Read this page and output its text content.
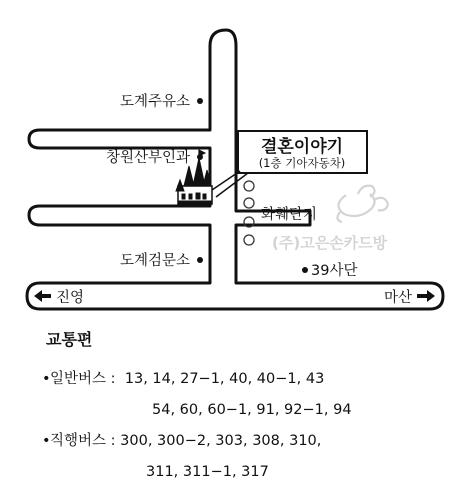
도계주유소
창원산부인과
도계검문소
화훼단지
39사단
(주)고은손카드방
결혼이야기
(1층 기아자동차)
진영	마산
교통편
•일반버스 : 13, 14, 27−1, 40, 40−1, 43
54, 60, 60−1, 91, 92−1, 94
•직행버스 : 300, 300−2, 303, 308, 310,
311, 311−1, 317
